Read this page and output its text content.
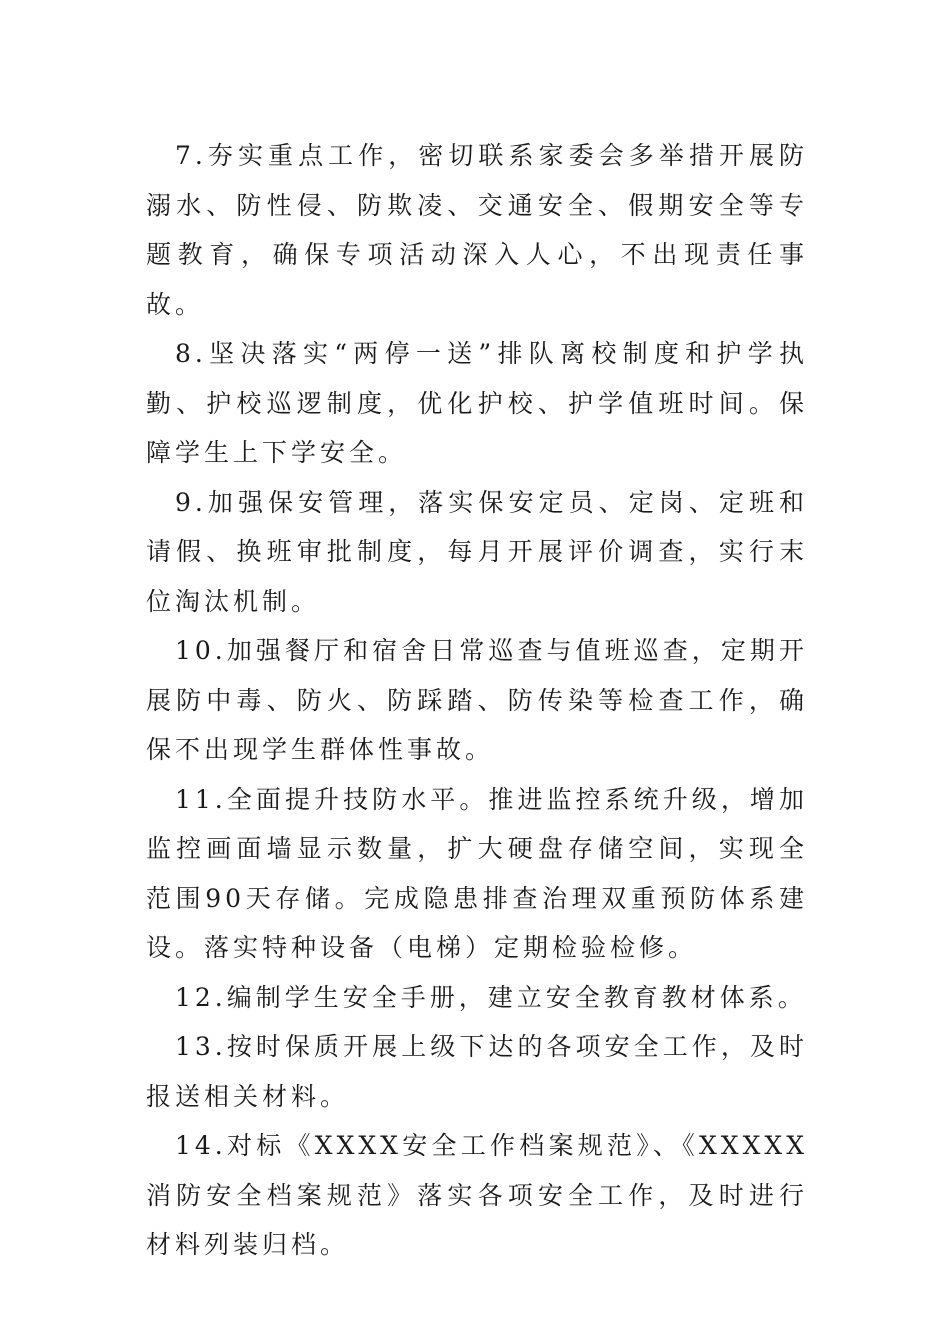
7.夯实重点工作，密切联系家委会多举措开展防溺水、防性侵、防欺凌、交通安全、假期安全等专题教育，确保专项活动深入人心，不出现责任事故。

8.坚决落实“两停一送”排队离校制度和护学执勤、护校巡逻制度，优化护校、护学值班时间。保障学生上下学安全。

9.加强保安管理，落实保安定员、定岗、定班和请假、换班审批制度，每月开展评价调查，实行末位淘汰机制。

10.加强餐厅和宿舍日常巡查与值班巡查，定期开展防中毒、防火、防踩踏、防传染等检查工作，确保不出现学生群体性事故。

11.全面提升技防水平。推进监控系统升级，增加监控画面墙显示数量，扩大硬盘存储空间，实现全范围90天存储。完成隐患排查治理双重预防体系建设。落实特种设备（电梯）定期检验检修。

12.编制学生安全手册，建立安全教育教材体系。

13.按时保质开展上级下达的各项安全工作，及时报送相关材料。

14.对标《XXXX安全工作档案规范》、《XXXXX消防安全档案规范》落实各项安全工作，及时进行材料列装归档。
